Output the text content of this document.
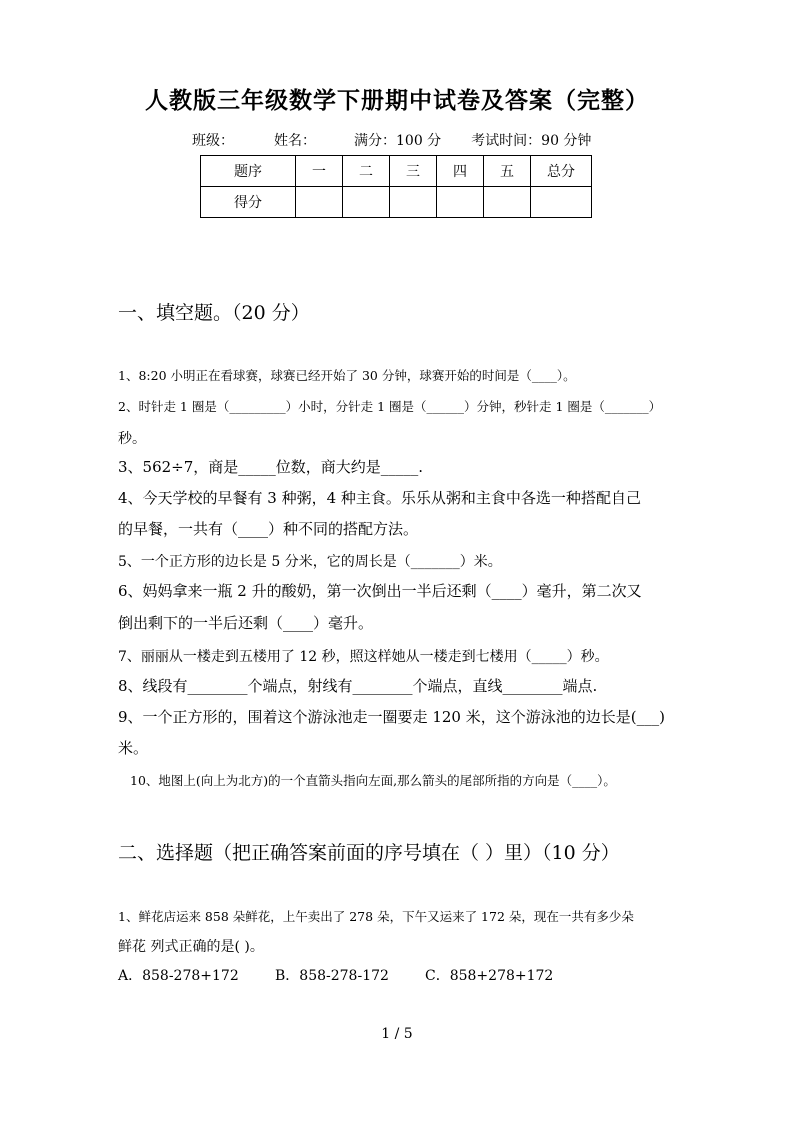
人教版三年级数学下册期中试卷及答案（完整）
班级：	姓名：	满分：100 分 考试时间：90 分钟
题序	一	二	三	四	五	总分
得分						
一、填空题。（20 分）
1、8:20 小明正在看球赛，球赛已经开始了 30 分钟，球赛开始的时间是（____）。
2、时针走 1 圈是（_________）小时，分针走 1 圈是（______）分钟，秒针走 1 圈是（_______）
秒。
3、562÷7，商是_____位数，商大约是_____.
4、今天学校的早餐有 3 种粥，4 种主食。乐乐从粥和主食中各选一种搭配自己
的早餐，一共有（____）种不同的搭配方法。
5、一个正方形的边长是 5 分米，它的周长是（_______）米。
6、妈妈拿来一瓶 2 升的酸奶，第一次倒出一半后还剩（____）毫升，第二次又
倒出剩下的一半后还剩（____）毫升。
7、丽丽从一楼走到五楼用了 12 秒，照这样她从一楼走到七楼用（_____）秒。
8、线段有________个端点，射线有________个端点，直线________端点.
9、一个正方形的，围着这个游泳池走一圈要走 120 米，这个游泳池的边长是(___)
米。
10、地图上(向上为北方)的一个直箭头指向左面,那么箭头的尾部所指的方向是（____）。
二、选择题（把正确答案前面的序号填在（ ）里）（10 分）
1、鲜花店运来 858 朵鲜花，上午卖出了 278 朵，下午又运来了 172 朵，现在一共有多少朵
鲜花 列式正确的是( )。
A．858-278+172	B．858-278-172	C．858+278+172
1 / 5
